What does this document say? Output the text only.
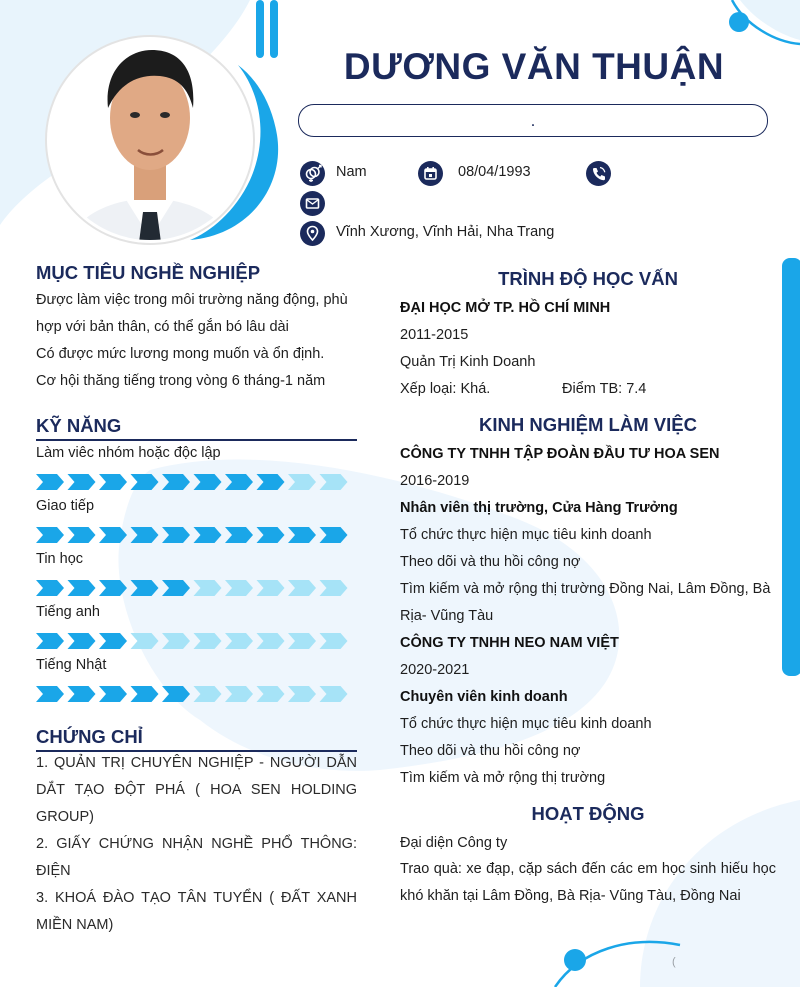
DƯƠNG VĂN THUẬN
.
Nam	08/04/1993
Vĩnh Xương, Vĩnh Hải, Nha Trang
MỤC TIÊU NGHỀ NGHIỆP
Được làm việc trong môi trường năng động, phù
hợp với bản thân, có thể gắn bó lâu dài
Có được mức lương mong muốn và ổn định.
Cơ hội thăng tiếng trong vòng 6 tháng-1 năm
KỸ NĂNG
Làm viêc nhóm hoặc độc lập
Giao tiếp
Tin học
Tiếng anh
Tiếng Nhật
CHỨNG CHỈ
1. QUẢN TRỊ CHUYÊN NGHIỆP - NGƯỜI DẪN DẮT TẠO ĐỘT PHÁ ( HOA SEN HOLDING GROUP)
2. GIẤY CHỨNG NHẬN NGHỀ PHỔ THÔNG: ĐIỆN
3. KHOÁ ĐÀO TẠO TÂN TUYỂN ( ĐẤT XANH MIỀN NAM)
TRÌNH ĐỘ HỌC VẤN
ĐẠI HỌC MỞ TP. HỒ CHÍ MINH
2011-2015
Quản Trị Kinh Doanh
Xếp loại: Khá.	Điểm TB: 7.4
KINH NGHIỆM LÀM VIỆC
CÔNG TY TNHH TẬP ĐOÀN ĐẦU TƯ HOA SEN
2016-2019
Nhân viên thị trường, Cửa Hàng Trưởng
Tổ chức thực hiện mục tiêu kinh doanh
Theo dõi và thu hồi công nợ
Tìm kiếm và mở rộng thị trường Đồng Nai, Lâm Đồng, Bà
Rịa- Vũng Tàu
CÔNG TY TNHH NEO NAM VIỆT
2020-2021
Chuyên viên kinh doanh
Tổ chức thực hiện mục tiêu kinh doanh
Theo dõi và thu hồi công nợ
Tìm kiếm và mở rộng thị trường
HOẠT ĐỘNG
Đại diện Công ty
Trao quà: xe đạp, cặp sách đến các em học sinh hiếu học khó khăn tại Lâm Đồng, Bà Rịa- Vũng Tàu, Đồng Nai
(
